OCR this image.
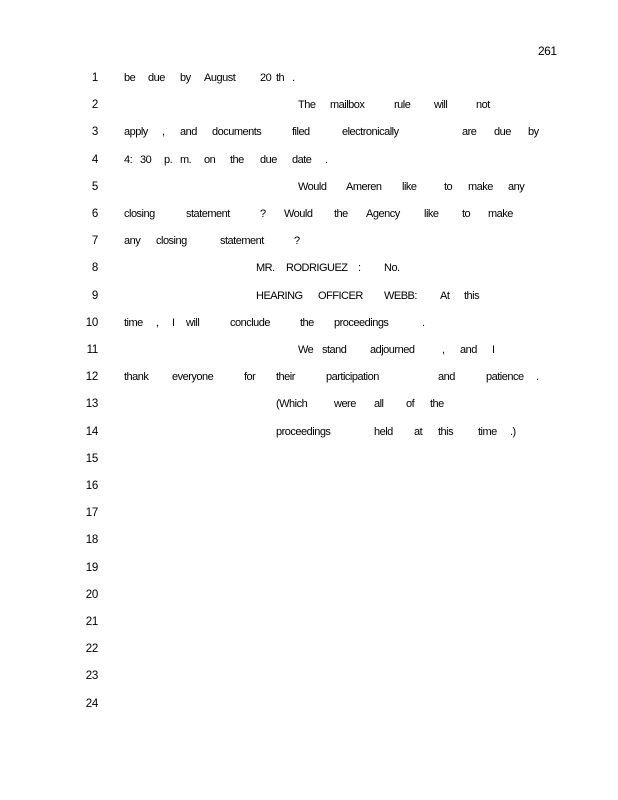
261
1
2
3
4
5
6
7
8
9
10
11
12
13
14
15
16
17
18
19
20
21
22
23
24
be due by August 20 th .
The mailbox	rule will	not
apply , and documents	filed	electronically	are due by
4: 30 p. m. on the due date .
Would Ameren like to make any
closing	statement	? Would the Agency like to make
any closing	statement	?
MR. RODRIGUEZ : No.
HEARING OFFICER WEBB: At this
time , I will	conclude	the proceedings	.
We stand adjourned	, and I
thank everyone	for their	participation	and	patience .
(Which were all of the
proceedings	held at this time .)
